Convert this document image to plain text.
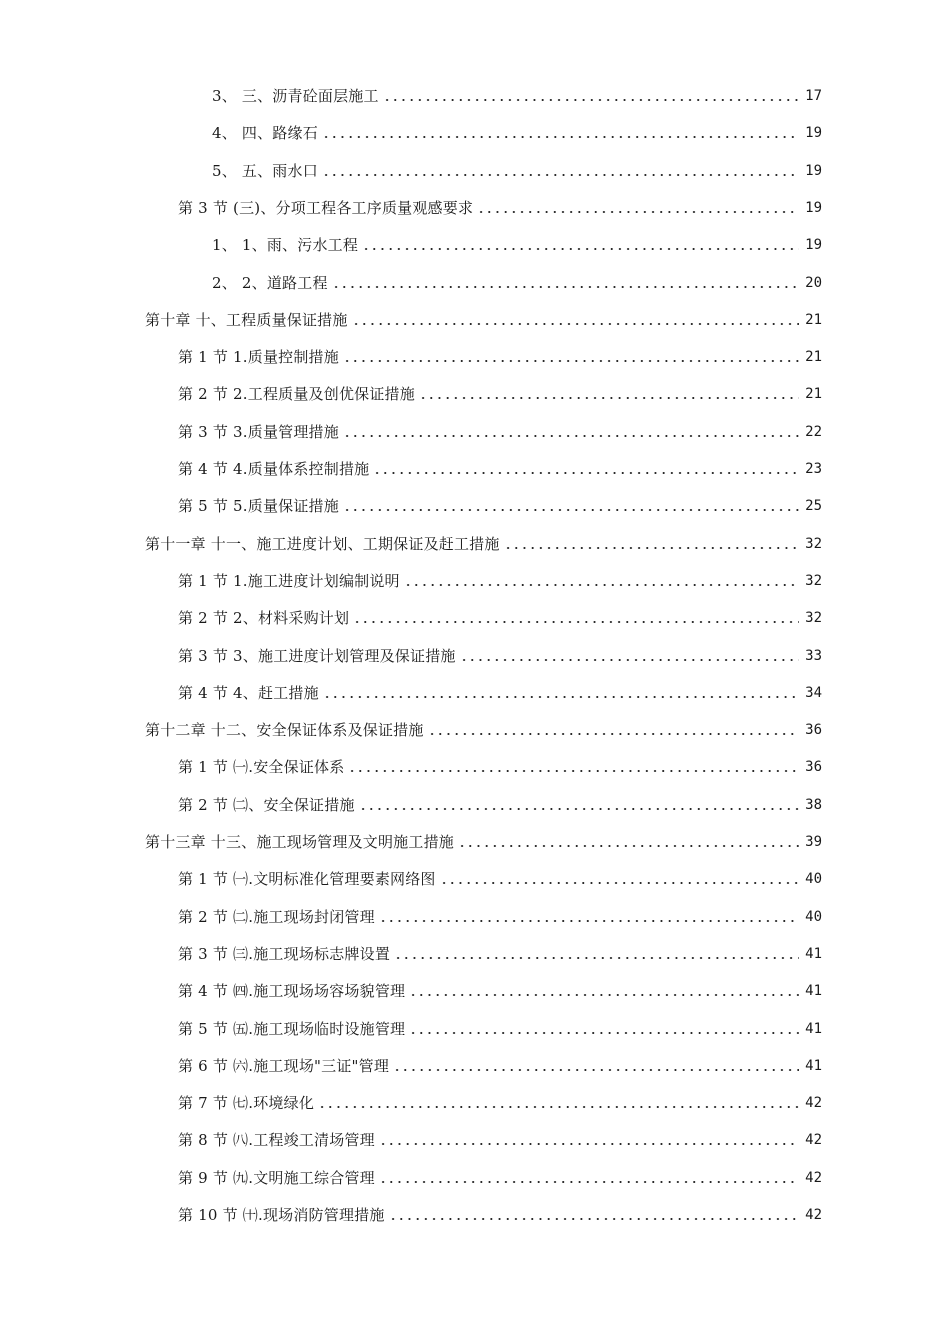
3、 三、沥青砼面层施工	17
4、 四、路缘石	19
5、 五、雨水口	19
第 3 节 (三)、分项工程各工序质量观感要求	19
1、 1、雨、污水工程	19
2、 2、道路工程	20
第十章 十、工程质量保证措施	21
第 1 节 1.质量控制措施	21
第 2 节 2.工程质量及创优保证措施	21
第 3 节 3.质量管理措施	22
第 4 节 4.质量体系控制措施	23
第 5 节 5.质量保证措施	25
第十一章 十一、施工进度计划、工期保证及赶工措施	32
第 1 节 1.施工进度计划编制说明	32
第 2 节 2、材料采购计划	32
第 3 节 3、施工进度计划管理及保证措施	33
第 4 节 4、赶工措施	34
第十二章 十二、安全保证体系及保证措施	36
第 1 节 ㈠.安全保证体系	36
第 2 节 ㈡、安全保证措施	38
第十三章 十三、施工现场管理及文明施工措施	39
第 1 节 ㈠.文明标准化管理要素网络图	40
第 2 节 ㈡.施工现场封闭管理	40
第 3 节 ㈢.施工现场标志牌设置	41
第 4 节 ㈣.施工现场场容场貌管理	41
第 5 节 ㈤.施工现场临时设施管理	41
第 6 节 ㈥.施工现场"三证"管理	41
第 7 节 ㈦.环境绿化	42
第 8 节 ㈧.工程竣工清场管理	42
第 9 节 ㈨.文明施工综合管理	42
第 10 节 ㈩.现场消防管理措施	42
